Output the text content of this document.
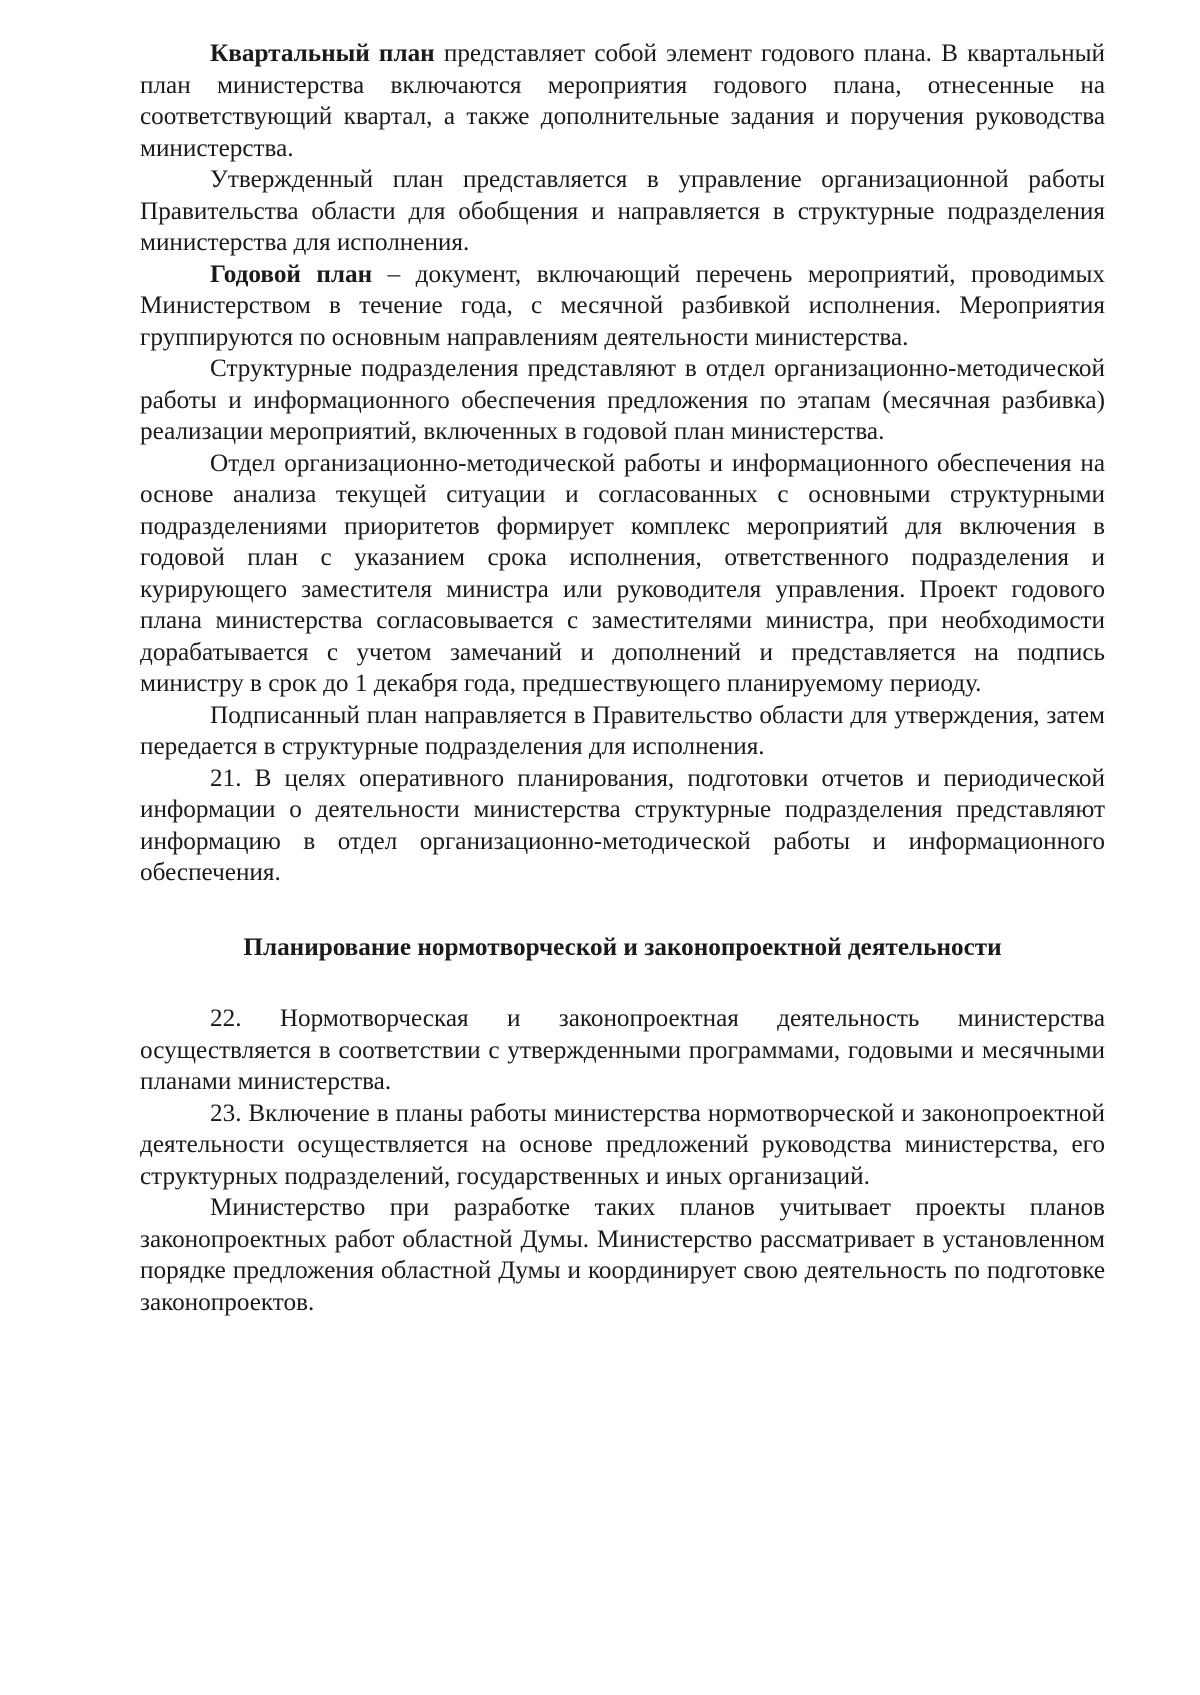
Квартальный план представляет собой элемент годового плана. В квартальный план министерства включаются мероприятия годового плана, отнесенные на соответствующий квартал, а также дополнительные задания и поручения руководства министерства.

Утвержденный план представляется в управление организационной работы Правительства области для обобщения и направляется в структурные подразделения министерства для исполнения.

Годовой план – документ, включающий перечень мероприятий, проводимых Министерством в течение года, с месячной разбивкой исполнения. Мероприятия группируются по основным направлениям деятельности министерства.

Структурные подразделения представляют в отдел организационно-методической работы и информационного обеспечения предложения по этапам (месячная разбивка) реализации мероприятий, включенных в годовой план министерства.

Отдел организационно-методической работы и информационного обеспечения на основе анализа текущей ситуации и согласованных с основными структурными подразделениями приоритетов формирует комплекс мероприятий для включения в годовой план с указанием срока исполнения, ответственного подразделения и курирующего заместителя министра или руководителя управления. Проект годового плана министерства согласовывается с заместителями министра, при необходимости дорабатывается с учетом замечаний и дополнений и представляется на подпись министру в срок до 1 декабря года, предшествующего планируемому периоду.

Подписанный план направляется в Правительство области для утверждения, затем передается в структурные подразделения для исполнения.

21. В целях оперативного планирования, подготовки отчетов и периодической информации о деятельности министерства структурные подразделения представляют информацию в отдел организационно-методической работы и информационного обеспечения.

Планирование нормотворческой и законопроектной деятельности

22. Нормотворческая и законопроектная деятельность министерства осуществляется в соответствии с утвержденными программами, годовыми и месячными планами министерства.

23. Включение в планы работы министерства нормотворческой и законопроектной деятельности осуществляется на основе предложений руководства министерства, его структурных подразделений, государственных и иных организаций.

Министерство при разработке таких планов учитывает проекты планов законопроектных работ областной Думы. Министерство рассматривает в установленном порядке предложения областной Думы и координирует свою деятельность по подготовке законопроектов.
